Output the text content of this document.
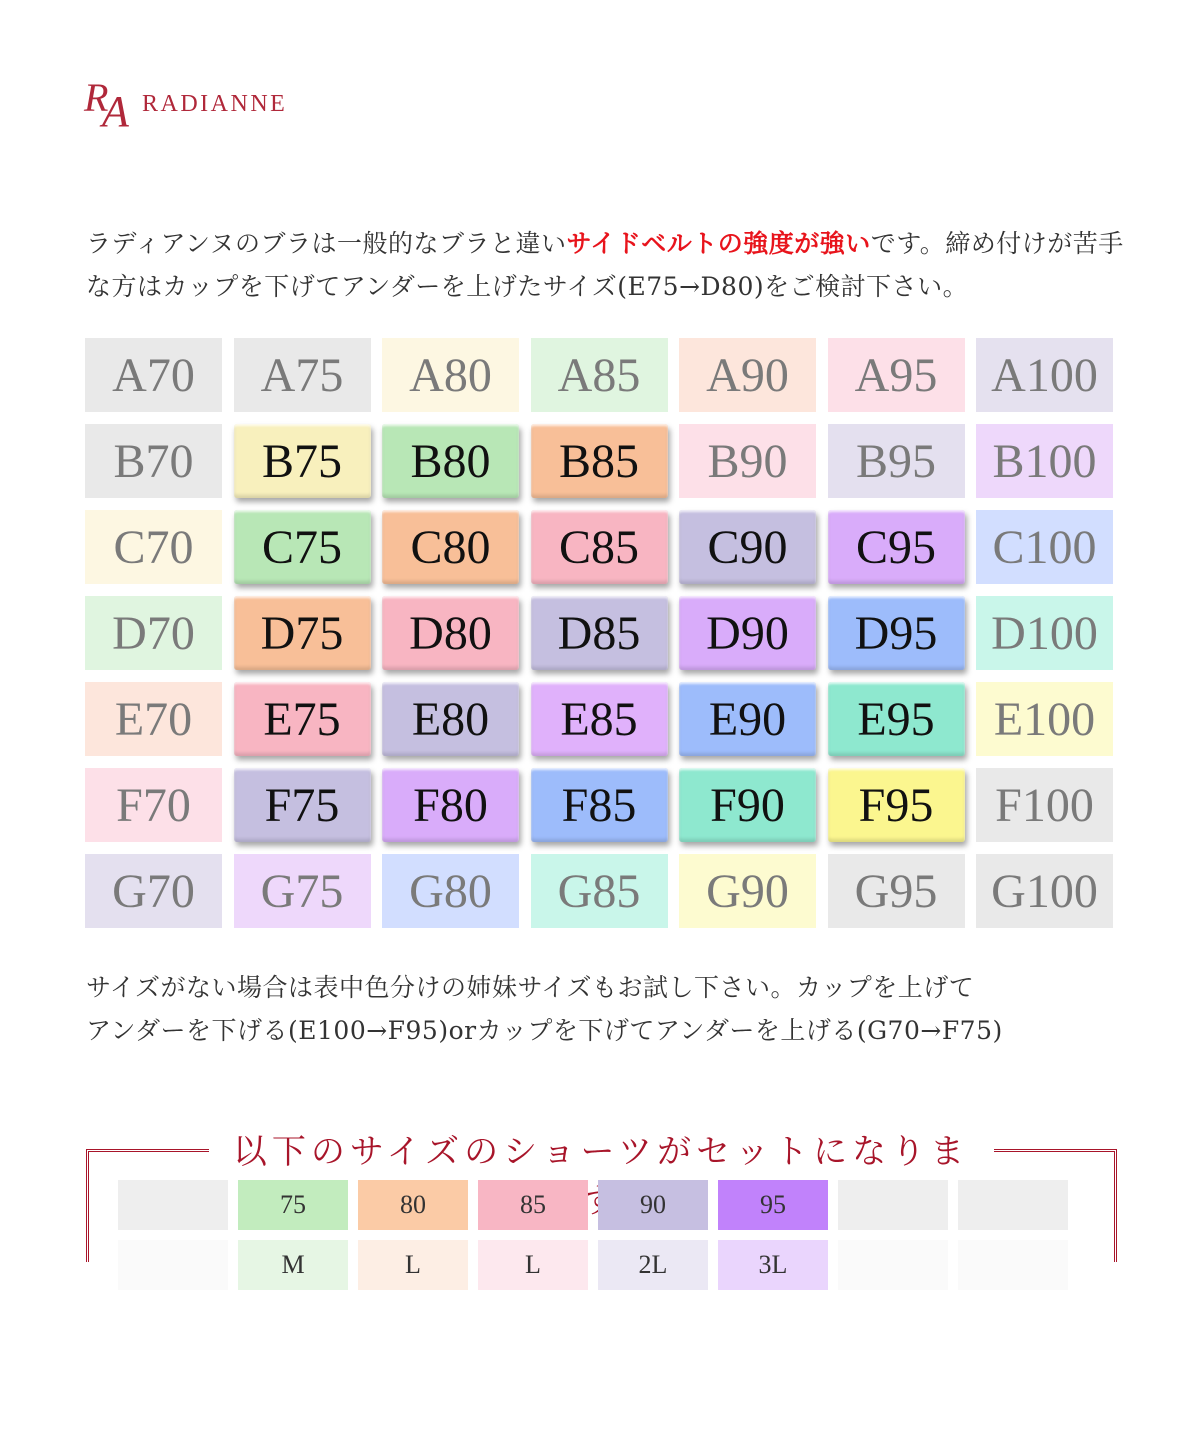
R
A RADIANNE

ラディアンヌのブラは一般的なブラと違いサイドベルトの強度が強いです。締め付けが苦手な方はカップを下げてアンダーを上げたサイズ(E75→D80)をご検討下さい。

A70	A75	A80	A85	A90	A95	A100
B70	B75	B80	B85	B90	B95	B100
C70	C75	C80	C85	C90	C95	C100
D70	D75	D80	D85	D90	D95	D100
E70	E75	E80	E85	E90	E95	E100
F70	F75	F80	F85	F90	F95	F100
G70	G75	G80	G85	G90	G95	G100
サイズがない場合は表中色分けの姉妹サイズもお試し下さい。カップを上げて
アンダーを下げる(E100→F95)orカップを下げてアンダーを上げる(G70→F75)
以下のサイズのショーツがセットになりま
75	80	85	90	95
M	L	L	2L	3L
